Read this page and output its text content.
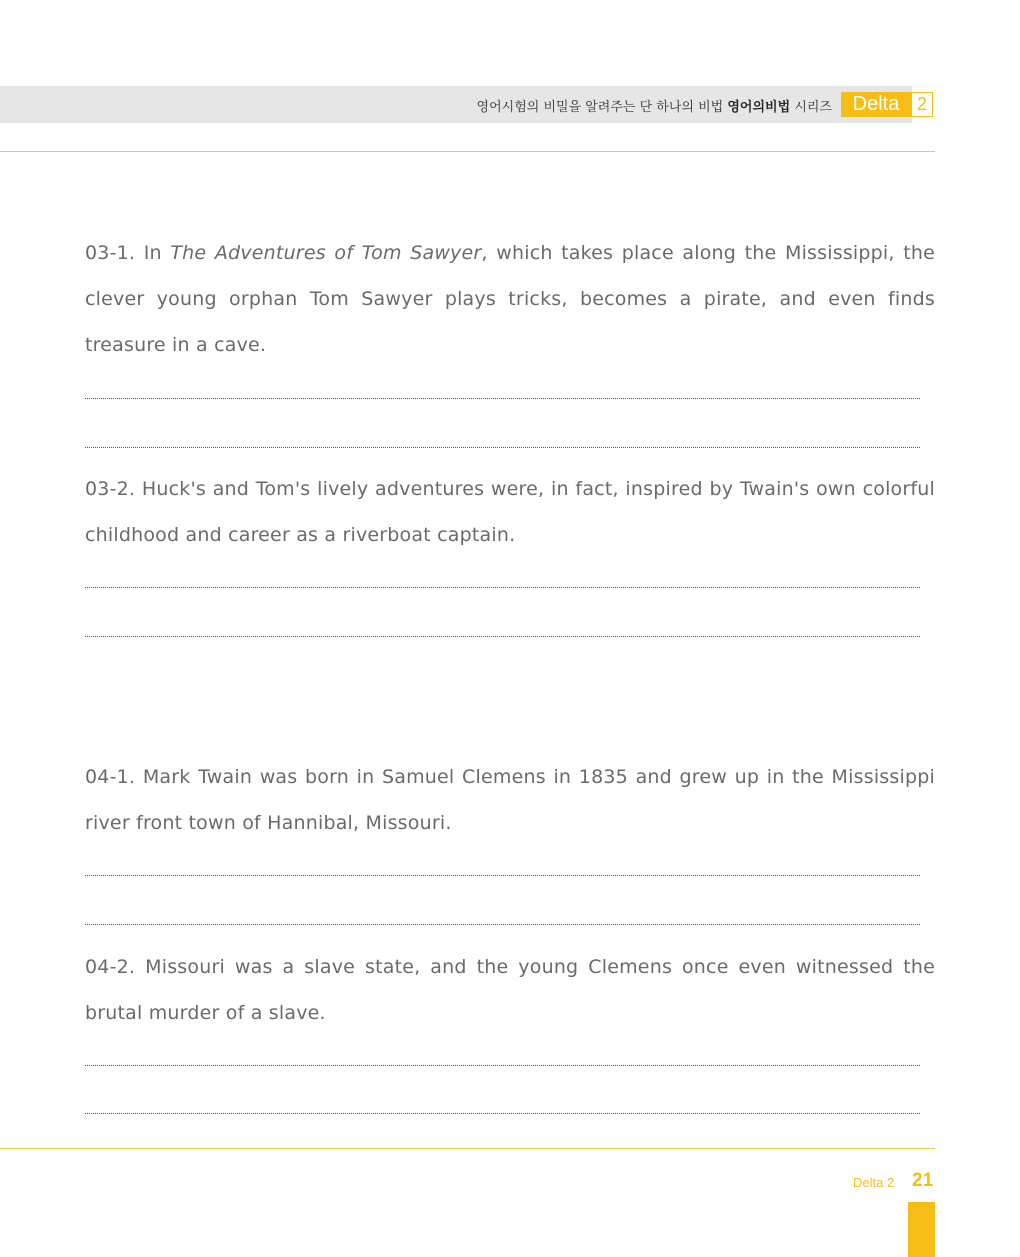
영어시험의 비밀을 알려주는 단 하나의 비법 영어의비법 시리즈	Delta 2
03-1. In The Adventures of Tom Sawyer, which takes place along the Mississippi, the clever young orphan Tom Sawyer plays tricks, becomes a pirate, and even finds treasure in a cave.
03-2. Huck's and Tom's lively adventures were, in fact, inspired by Twain's own colorful childhood and career as a riverboat captain.
04-1. Mark Twain was born in Samuel Clemens in 1835 and grew up in the Mississippi river front town of Hannibal, Missouri.
04-2. Missouri was a slave state, and the young Clemens once even witnessed the brutal murder of a slave.
Delta 2 21
